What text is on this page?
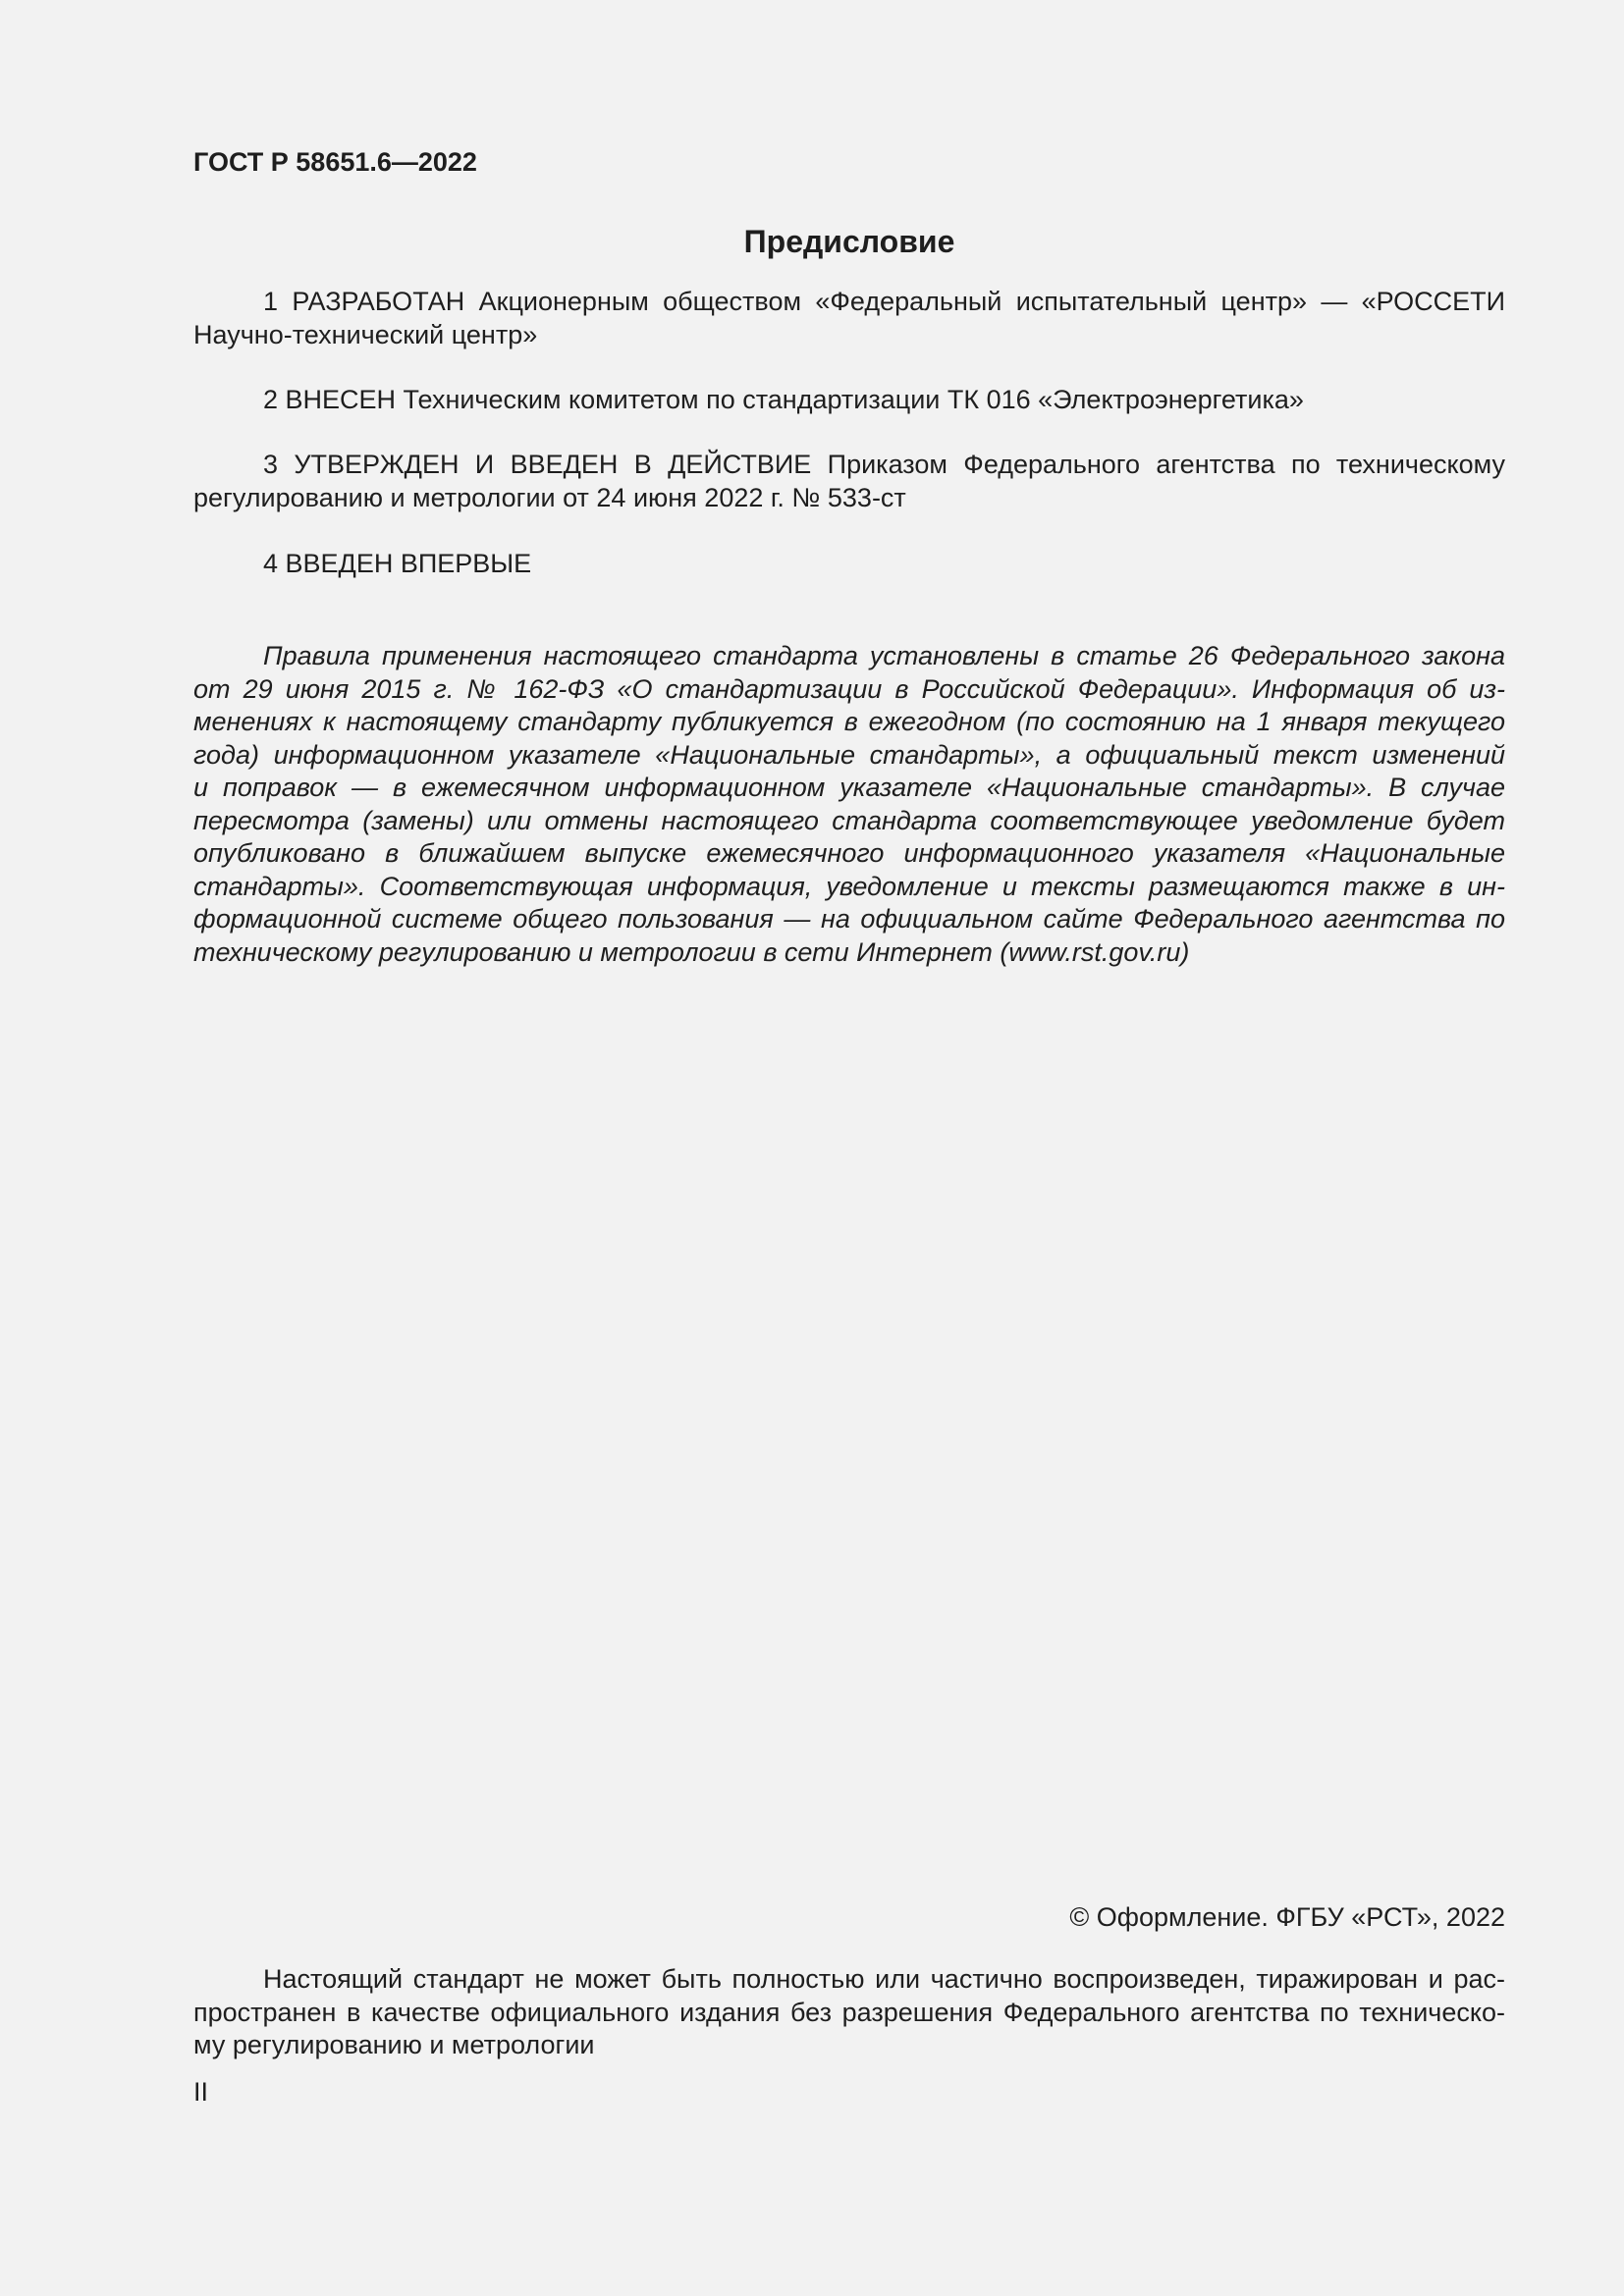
ГОСТ Р 58651.6—2022
Предисловие
1 РАЗРАБОТАН Акционерным обществом «Федеральный испытательный центр» — «РОССЕТИ
Научно-технический центр»
2 ВНЕСЕН Техническим комитетом по стандартизации ТК 016 «Электроэнергетика»
3 УТВЕРЖДЕН И ВВЕДЕН В ДЕЙСТВИЕ Приказом Федерального агентства по техническому
регулированию и метрологии от 24 июня 2022 г. № 533-ст
4 ВВЕДЕН ВПЕРВЫЕ
Правила применения настоящего стандарта установлены в статье 26 Федерального закона
от 29 июня 2015 г. № 162-ФЗ «О стандартизации в Российской Федерации». Информация об из-
менениях к настоящему стандарту публикуется в ежегодном (по состоянию на 1 января текущего
года) информационном указателе «Национальные стандарты», а официальный текст изменений
и поправок — в ежемесячном информационном указателе «Национальные стандарты». В случае
пересмотра (замены) или отмены настоящего стандарта соответствующее уведомление будет
опубликовано в ближайшем выпуске ежемесячного информационного указателя «Национальные
стандарты». Соответствующая информация, уведомление и тексты размещаются также в ин-
формационной системе общего пользования — на официальном сайте Федерального агентства по
техническому регулированию и метрологии в сети Интернет (www.rst.gov.ru)
© Оформление. ФГБУ «РСТ», 2022
Настоящий стандарт не может быть полностью или частично воспроизведен, тиражирован и рас-
пространен в качестве официального издания без разрешения Федерального агентства по техническо-
му регулированию и метрологии
II
